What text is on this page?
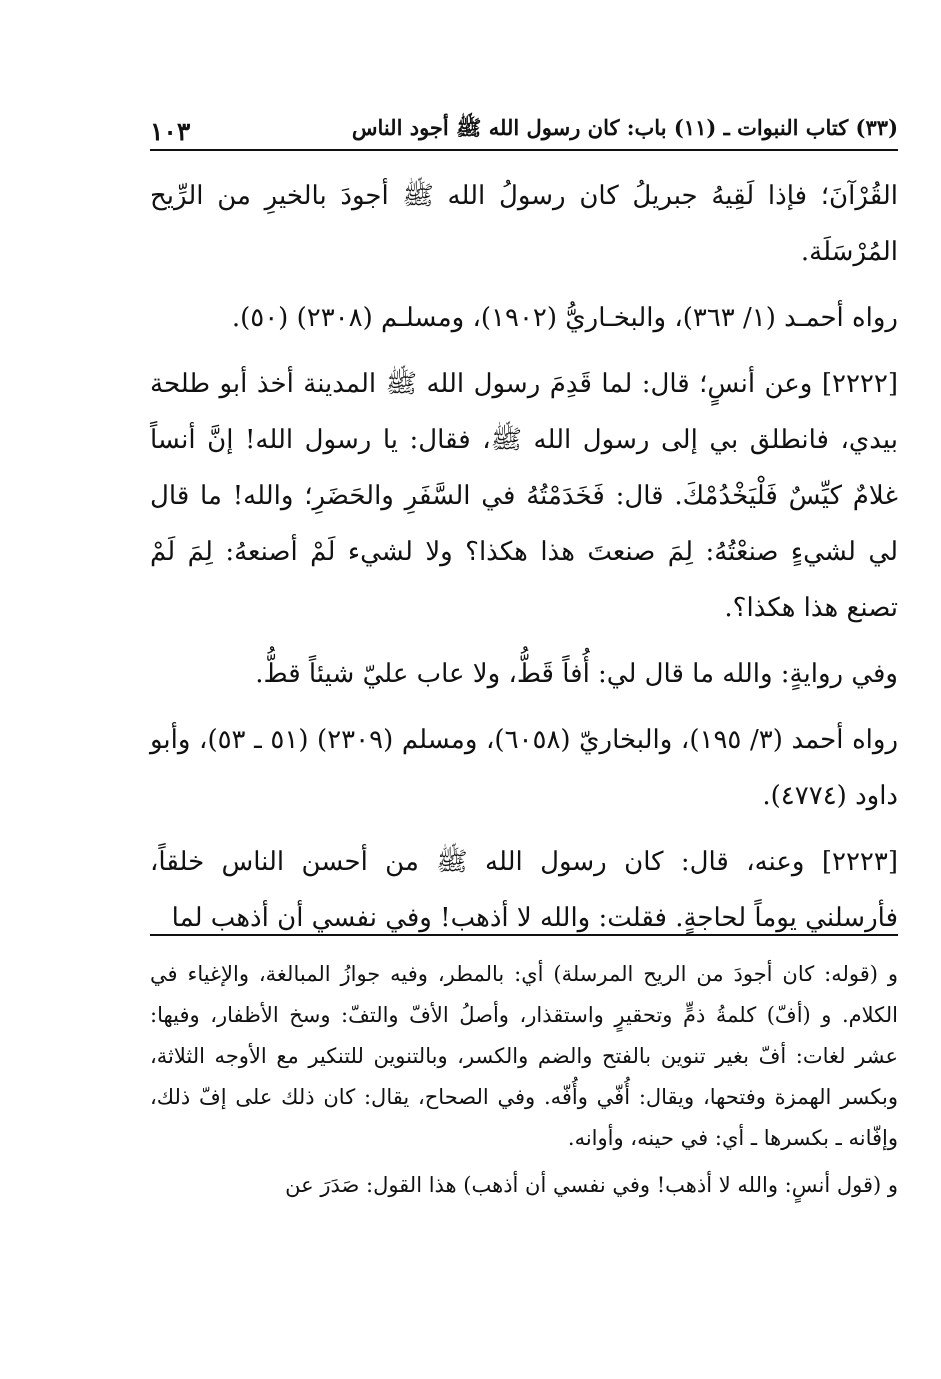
(٣٣) كتاب النبوات ـ (١١) باب: كان رسول الله ﷺ أجود الناس
١٠٣

القُرْآنَ؛ فإذا لَقِيهُ جبريلُ كان رسولُ الله ﷺ أجودَ بالخيرِ من الرِّيح المُرْسَلَة.

رواه أحمـد (١/ ٣٦٣)، والبخـاريُّ (١٩٠٢)، ومسلـم (٢٣٠٨) (٥٠).

[٢٢٢٢] وعن أنسٍ؛ قال: لما قَدِمَ رسول الله ﷺ المدينة أخذ أبو طلحة بيدي، فانطلق بي إلى رسول الله ﷺ، فقال: يا رسول الله! إنَّ أنساً غلامٌ كيِّسٌ فَلْيَخْدُمْكَ. قال: فَخَدَمْتُهُ في السَّفَرِ والحَضَرِ؛ والله! ما قال لي لشيءٍ صنعْتُهُ: لِمَ صنعتَ هذا هكذا؟ ولا لشيء لَمْ أصنعهُ: لِمَ لَمْ تصنع هذا هكذا؟.

وفي روايةٍ: والله ما قال لي: أُفاً قَطُّ، ولا عاب عليّ شيئاً قطُّ.

رواه أحمد (٣/ ١٩٥)، والبخاريّ (٦٠٥٨)، ومسلم (٢٣٠٩) (٥١ ـ ٥٣)، وأبو داود (٤٧٧٤).

[٢٢٢٣] وعنه، قال: كان رسول الله ﷺ من أحسن الناس خلقاً، فأرسلني يوماً لحاجةٍ. فقلت: والله لا أذهب! وفي نفسي أن أذهب لما

و (قوله: كان أجودَ من الريح المرسلة) أي: بالمطر، وفيه جوازُ المبالغة، والإغياء في الكلام. و (أفّ) كلمةُ ذمٍّ وتحقيرٍ واستقذار، وأصلُ الأفّ والتفّ: وسخ الأظفار، وفيها: عشر لغات: أفّ بغير تنوين بالفتح والضم والكسر، وبالتنوين للتنكير مع الأوجه الثلاثة، وبكسر الهمزة وفتحها، ويقال: أُفّي وأُفّه. وفي الصحاح، يقال: كان ذلك على إفّ ذلك، وإفّانه ـ بكسرها ـ أي: في حينه، وأوانه.

و (قول أنسٍ: والله لا أذهب! وفي نفسي أن أذهب) هذا القول: صَدَرَ عن
